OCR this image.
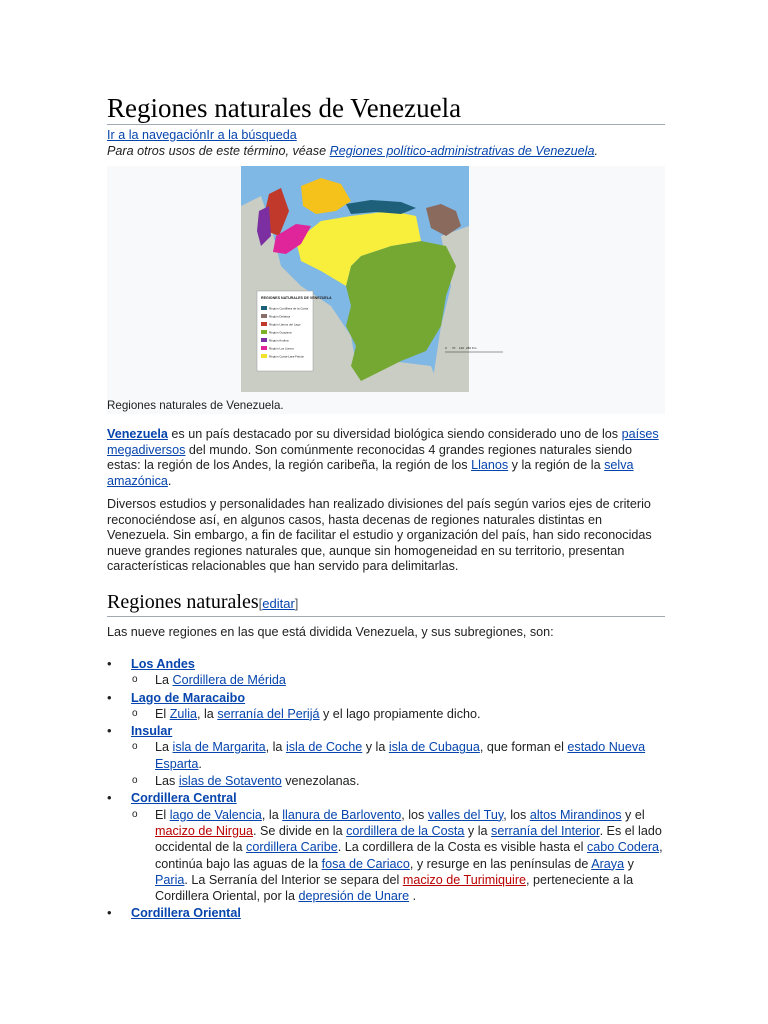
Regiones naturales de Venezuela
Ir a la navegaciónIr a la búsqueda
Para otros usos de este término, véase Regiones político-administrativas de Venezuela.
REGIONES NATURALES DE VENEZUELA
Región Cordillera de la Costa
Región Deltaica
Región Llanos del Lago
Región Guayana
Región Andina
Región Los Llanos
Región Costa-Lara-Falcón
0 70 140 280 Km
Regiones naturales de Venezuela.
Venezuela es un país destacado por su diversidad biológica siendo considerado uno de los países megadiversos del mundo. Son comúnmente reconocidas 4 grandes regiones naturales siendo estas: la región de los Andes, la región caribeña, la región de los Llanos y la región de la selva amazónica.
Diversos estudios y personalidades han realizado divisiones del país según varios ejes de criterio reconociéndose así, en algunos casos, hasta decenas de regiones naturales distintas en Venezuela. Sin embargo, a fin de facilitar el estudio y organización del país, han sido reconocidas nueve grandes regiones naturales que, aunque sin homogeneidad en su territorio, presentan características relacionables que han servido para delimitarlas.
Regiones naturales[editar]
Las nueve regiones en las que está dividida Venezuela, y sus subregiones, son:
• Los Andes
o La Cordillera de Mérida
• Lago de Maracaibo
o El Zulia, la serranía del Perijá y el lago propiamente dicho.
• Insular
o La isla de Margarita, la isla de Coche y la isla de Cubagua, que forman el estado Nueva Esparta.
o Las islas de Sotavento venezolanas.
• Cordillera Central
o El lago de Valencia, la llanura de Barlovento, los valles del Tuy, los altos Mirandinos y el macizo de Nirgua. Se divide en la cordillera de la Costa y la serranía del Interior. Es el lado occidental de la cordillera Caribe. La cordillera de la Costa es visible hasta el cabo Codera, continúa bajo las aguas de la fosa de Cariaco, y resurge en las penínsulas de Araya y Paria. La Serranía del Interior se separa del macizo de Turimiquire, perteneciente a la Cordillera Oriental, por la depresión de Unare .
• Cordillera Oriental
